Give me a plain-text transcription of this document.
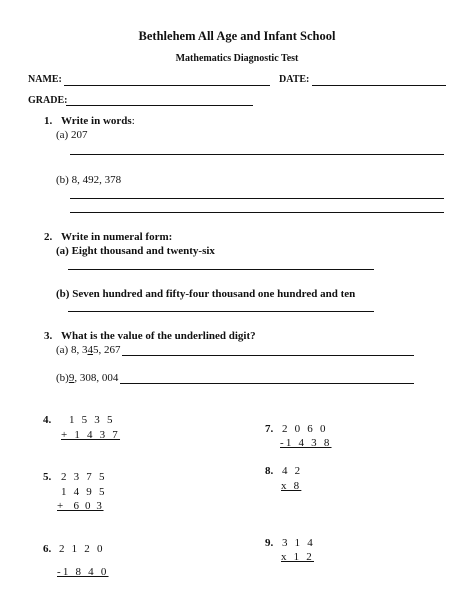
Bethlehem All Age and Infant School
Mathematics Diagnostic Test
NAME:	DATE:
GRADE:
1. Write in words:
(a) 207
(b) 8, 492, 378
2. Write in numeral form:
(a) Eight thousand and twenty-six
(b) Seven hundred and fifty-four thousand one hundred and ten
3. What is the value of the underlined digit?
(a) 8, 345, 267
(b)9, 308, 004
4. 1 5 3 5
+ 1 4 3 7
5. 2 3 7 5
1 4 9 5
+  6 0 3
6. 2 1 2 0
-1 8 4 0
7. 2 0 6 0
-1 4 3 8
8. 4 2
x 8
9. 3 1 4
x 1 2
